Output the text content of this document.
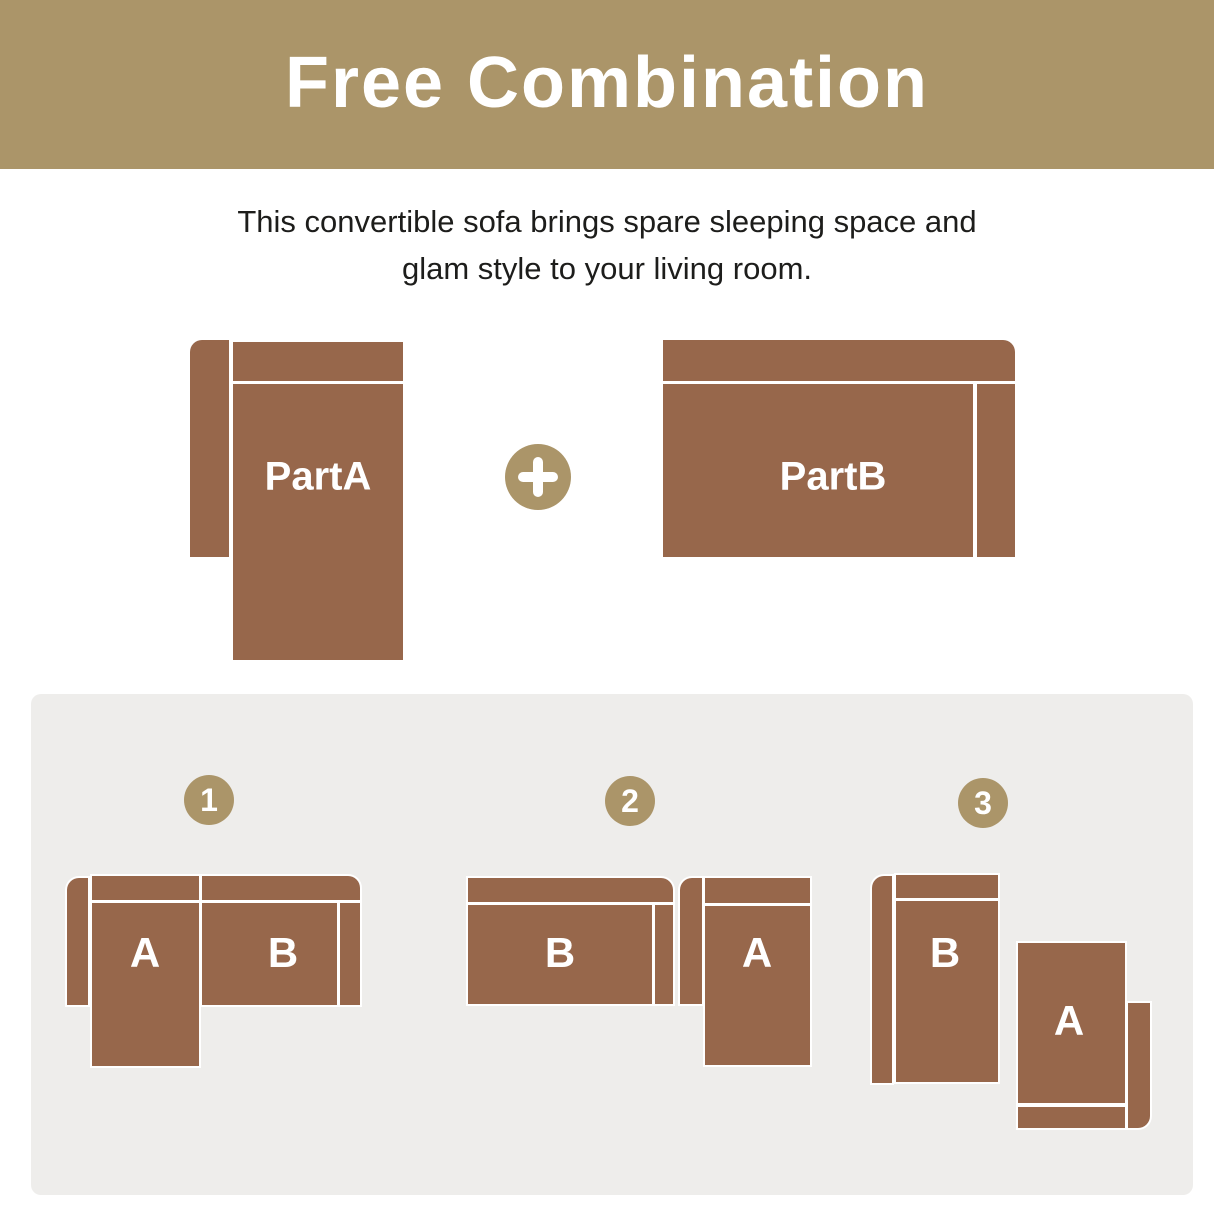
Free Combination
This convertible sofa brings spare sleeping space and
glam style to your living room.
PartA	PartB
1
A	B
2
B	A
3
B
A
